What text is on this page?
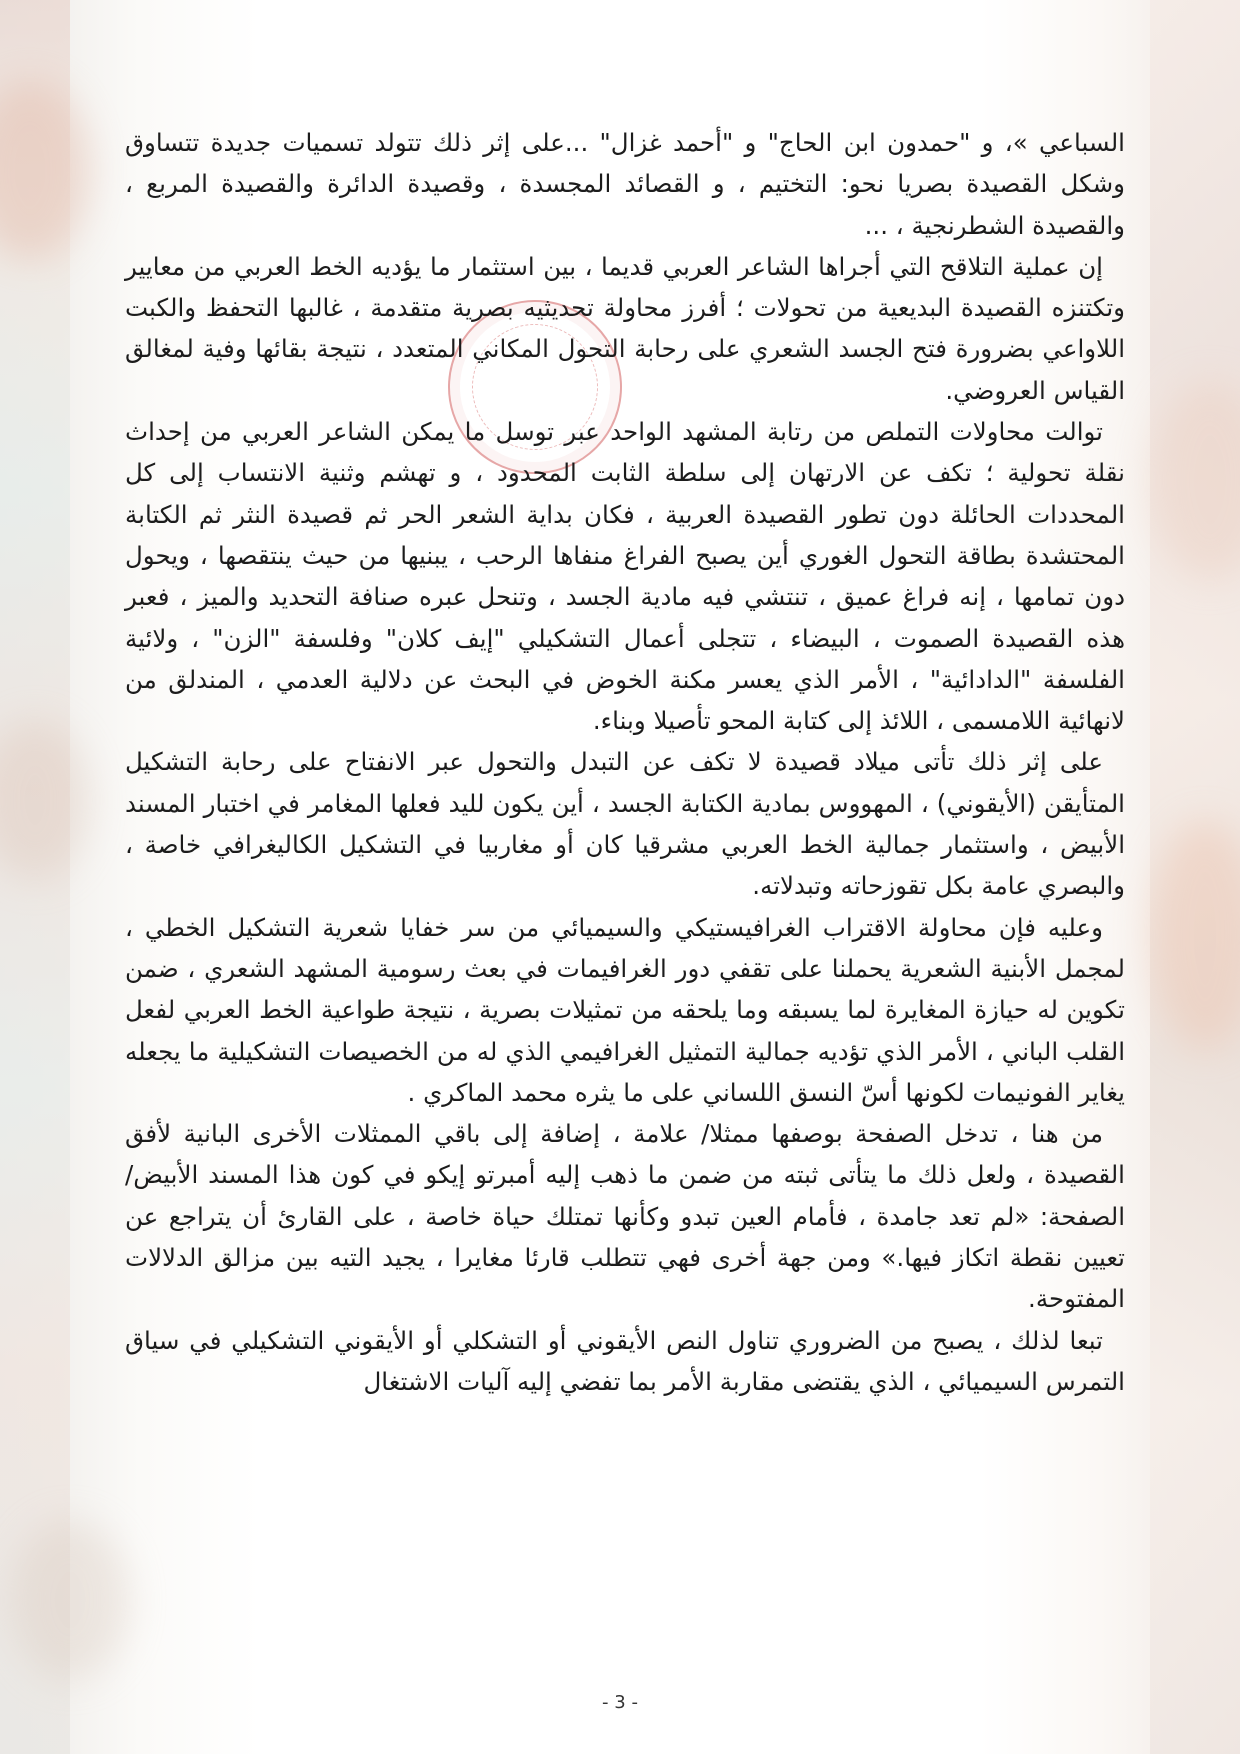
السباعي »، و "حمدون ابن الحاج" و "أحمد غزال" ...على إثر ذلك تتولد تسميات جديدة تتساوق وشكل القصيدة بصريا نحو: التختيم ، و القصائد المجسدة ، وقصيدة الدائرة والقصيدة المربع ، والقصيدة الشطرنجية ، ...

إن عملية التلاقح التي أجراها الشاعر العربي قديما ، بين استثمار ما يؤديه الخط العربي من معايير وتكتنزه القصيدة البديعية من تحولات ؛ أفرز محاولة تحديثيه بصرية متقدمة ، غالبها التحفظ والكبت اللاواعي بضرورة فتح الجسد الشعري على رحابة التحول المكاني المتعدد ، نتيجة بقائها وفية لمغالق القياس العروضي.

توالت محاولات التملص من رتابة المشهد الواحد عبر توسل ما يمكن الشاعر العربي من إحداث نقلة تحولية ؛ تكف عن الارتهان إلى سلطة الثابت المحدود ، و تهشم وثنية الانتساب إلى كل المحددات الحائلة دون تطور القصيدة العربية ، فكان بداية الشعر الحر ثم قصيدة النثر ثم الكتابة المحتشدة بطاقة التحول الغوري أين يصبح الفراغ منفاها الرحب ، يبنيها من حيث ينتقصها ، ويحول دون تمامها ، إنه فراغ عميق ، تنتشي فيه مادية الجسد ، وتنحل عبره صنافة التحديد والميز ، فعبر هذه القصيدة الصموت ، البيضاء ، تتجلى أعمال التشكيلي "إيف كلان" وفلسفة "الزن" ، ولائية الفلسفة "الدادائية" ، الأمر الذي يعسر مكنة الخوض في البحث عن دلالية العدمي ، المندلق من لانهائية اللامسمى ، اللائذ إلى كتابة المحو تأصيلا وبناء.

على إثر ذلك تأتى ميلاد قصيدة لا تكف عن التبدل والتحول عبر الانفتاح على رحابة التشكيل المتأيقن (الأيقوني) ، المهووس بمادية الكتابة الجسد ، أين يكون لليد فعلها المغامر في اختبار المسند الأبيض ، واستثمار جمالية الخط العربي مشرقيا كان أو مغاربيا في التشكيل الكاليغرافي خاصة ، والبصري عامة بكل تقوزحاته وتبدلاته.

وعليه فإن محاولة الاقتراب الغرافيستيكي والسيميائي من سر خفايا شعرية التشكيل الخطي ، لمجمل الأبنية الشعرية يحملنا على تقفي دور الغرافيمات في بعث رسومية المشهد الشعري ، ضمن تكوين له حيازة المغايرة لما يسبقه وما يلحقه من تمثيلات بصرية ، نتيجة طواعية الخط العربي لفعل القلب الباني ، الأمر الذي تؤديه جمالية التمثيل الغرافيمي الذي له من الخصيصات التشكيلية ما يجعله يغاير الفونيمات لكونها أسّ النسق اللساني على ما يثره محمد الماكري .

من هنا ، تدخل الصفحة بوصفها ممثلا/ علامة ، إضافة إلى باقي الممثلات الأخرى البانية لأفق القصيدة ، ولعل ذلك ما يتأتى ثبته من ضمن ما ذهب إليه أمبرتو إيكو في كون هذا المسند الأبيض/ الصفحة: «لم تعد جامدة ، فأمام العين تبدو وكأنها تمتلك حياة خاصة ، على القارئ أن يتراجع عن تعيين نقطة اتكاز فيها.» ومن جهة أخرى فهي تتطلب قارئا مغايرا ، يجيد التيه بين مزالق الدلالات المفتوحة.

تبعا لذلك ، يصبح من الضروري تناول النص الأيقوني أو التشكلي أو الأيقوني التشكيلي في سياق التمرس السيميائي ، الذي يقتضى مقاربة الأمر بما تفضي إليه آليات الاشتغال

- 3 -
